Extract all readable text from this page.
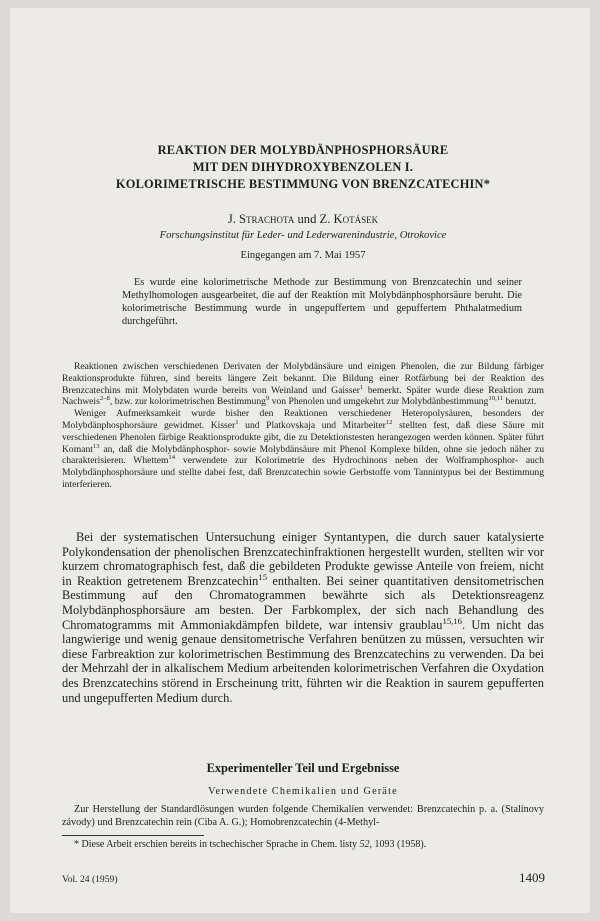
REAKTION DER MOLYBDÄNPHOSPHORSÄURE
MIT DEN DIHYDROXYBENZOLEN I.
KOLORIMETRISCHE BESTIMMUNG VON BRENZCATECHIN*
J. Strachota und Z. Kotásek
Forschungsinstitut für Leder- und Lederwarenindustrie, Otrokovice
Eingegangen am 7. Mai 1957
Es wurde eine kolorimetrische Methode zur Bestimmung von Brenzcatechin und seiner Methylhomologen ausgearbeitet, die auf der Reaktion mit Molybdänphosphorsäure beruht. Die kolorimetrische Bestimmung wurde in ungepuffertem und gepuffertem Phthalatmedium durchgeführt.

Reaktionen zwischen verschiedenen Derivaten der Molybdänsäure und einigen Phenolen, die zur Bildung färbiger Reaktionsprodukte führen, sind bereits längere Zeit bekannt. Die Bildung einer Rotfärbung bei der Reaktion des Brenzcatechins mit Molybdaten wurde bereits von Weinland und Gaisser$^1$ bemerkt. Später wurde diese Reaktion zum Nachweis$^{2-8}$, bzw. zur kolorimetrischen Bestimmung$^9$ von Phenolen und umgekehrt zur Molybdänbestimmung$^{10,11}$ benutzt.

Weniger Aufmerksamkeit wurde bisher den Reaktionen verschiedener Heteropolysäuren, besonders der Molybdänphosphorsäure gewidmet. Kisser$^1$ und Platkovskaja und Mitarbeiter$^{12}$ stellten fest, daß diese Säure mit verschiedenen Phenolen färbige Reaktionsprodukte gibt, die zu Detektionstesten herangezogen werden können. Später führt Komant$^{13}$ an, daß die Molybdänphosphor- sowie Molybdänsäure mit Phenol Komplexe bilden, ohne sie jedoch näher zu charakterisieren. Whettem$^{14}$ verwendete zur Kolorimetrie des Hydrochinons neben der Wolframphosphor- auch Molybdänphosphorsäure und stellte dabei fest, daß Brenzcatechin sowie Gerbstoffe vom Tannintypus bei der Bestimmung interferieren.

Bei der systematischen Untersuchung einiger Syntantypen, die durch sauer katalysierte Polykondensation der phenolischen Brenzcatechinfraktionen hergestellt wurden, stellten wir vor kurzem chromatographisch fest, daß die gebildeten Produkte gewisse Anteile von freiem, nicht in Reaktion getretenem Brenzcatechin$^{15}$ enthalten. Bei seiner quantitativen densitometrischen Bestimmung auf den Chromatogrammen bewährte sich als Detektionsreagenz Molybdänphosphorsäure am besten. Der Farbkomplex, der sich nach Behandlung des Chromatogramms mit Ammoniakdämpfen bildete, war intensiv graublau$^{15,16}$. Um nicht das langwierige und wenig genaue densitometrische Verfahren benützen zu müssen, versuchten wir diese Farbreaktion zur kolorimetrischen Bestimmung des Brenzcatechins zu verwenden. Da bei der Mehrzahl der in alkalischem Medium arbeitenden kolorimetrischen Verfahren die Oxydation des Brenzcatechins störend in Erscheinung tritt, führten wir die Reaktion in saurem gepufferten und ungepufferten Medium durch.
Experimenteller Teil und Ergebnisse
Verwendete Chemikalien und Geräte
Zur Herstellung der Standardlösungen wurden folgende Chemikalien verwendet: Brenzcatechin p. a. (Stalinovy závody) und Brenzcatechin rein (Ciba A. G.); Homobrenzcatechin (4-Methyl-
* Diese Arbeit erschien bereits in tschechischer Sprache in Chem. listy 52, 1093 (1958).
Vol. 24 (1959)	1409
